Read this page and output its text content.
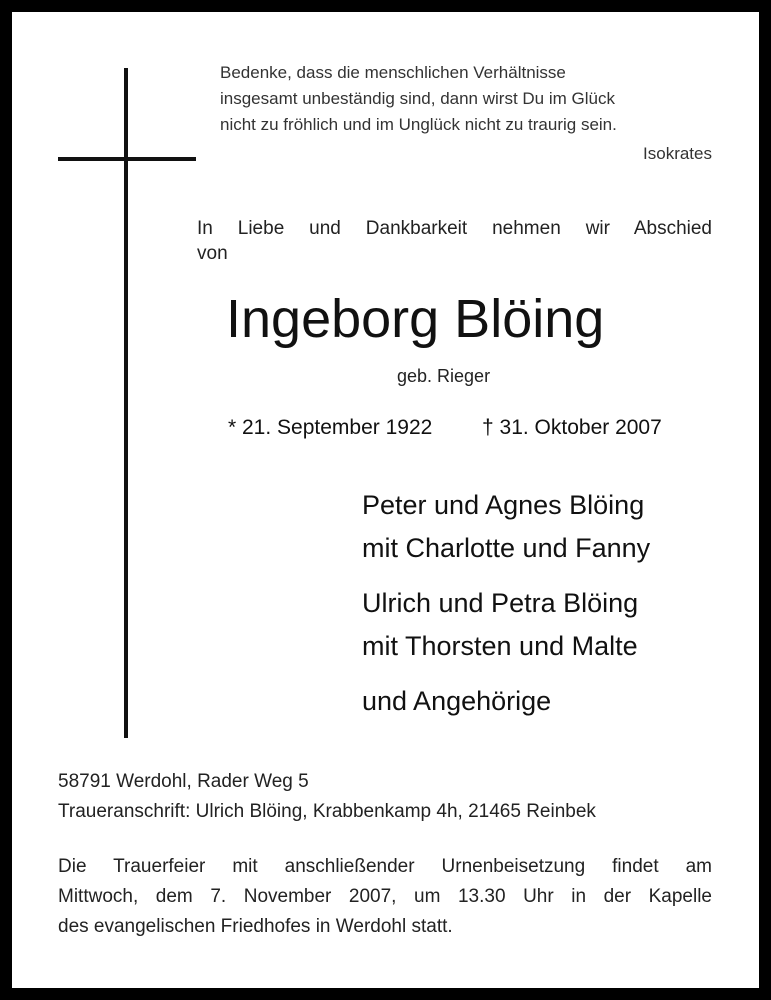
Bedenke, dass die menschlichen Verhältnisse
insgesamt unbeständig sind, dann wirst Du im Glück
nicht zu fröhlich und im Unglück nicht zu traurig sein.
Isokrates
In Liebe und Dankbarkeit nehmen wir Abschied
von
Ingeborg Blöing
geb. Rieger
* 21. September 1922 † 31. Oktober 2007
Peter und Agnes Blöing
mit Charlotte und Fanny
Ulrich und Petra Blöing
mit Thorsten und Malte
und Angehörige
58791 Werdohl, Rader Weg 5
Traueranschrift: Ulrich Blöing, Krabbenkamp 4h, 21465 Reinbek
Die Trauerfeier mit anschließender Urnenbeisetzung findet am
Mittwoch, dem 7. November 2007, um 13.30 Uhr in der Kapelle
des evangelischen Friedhofes in Werdohl statt.
